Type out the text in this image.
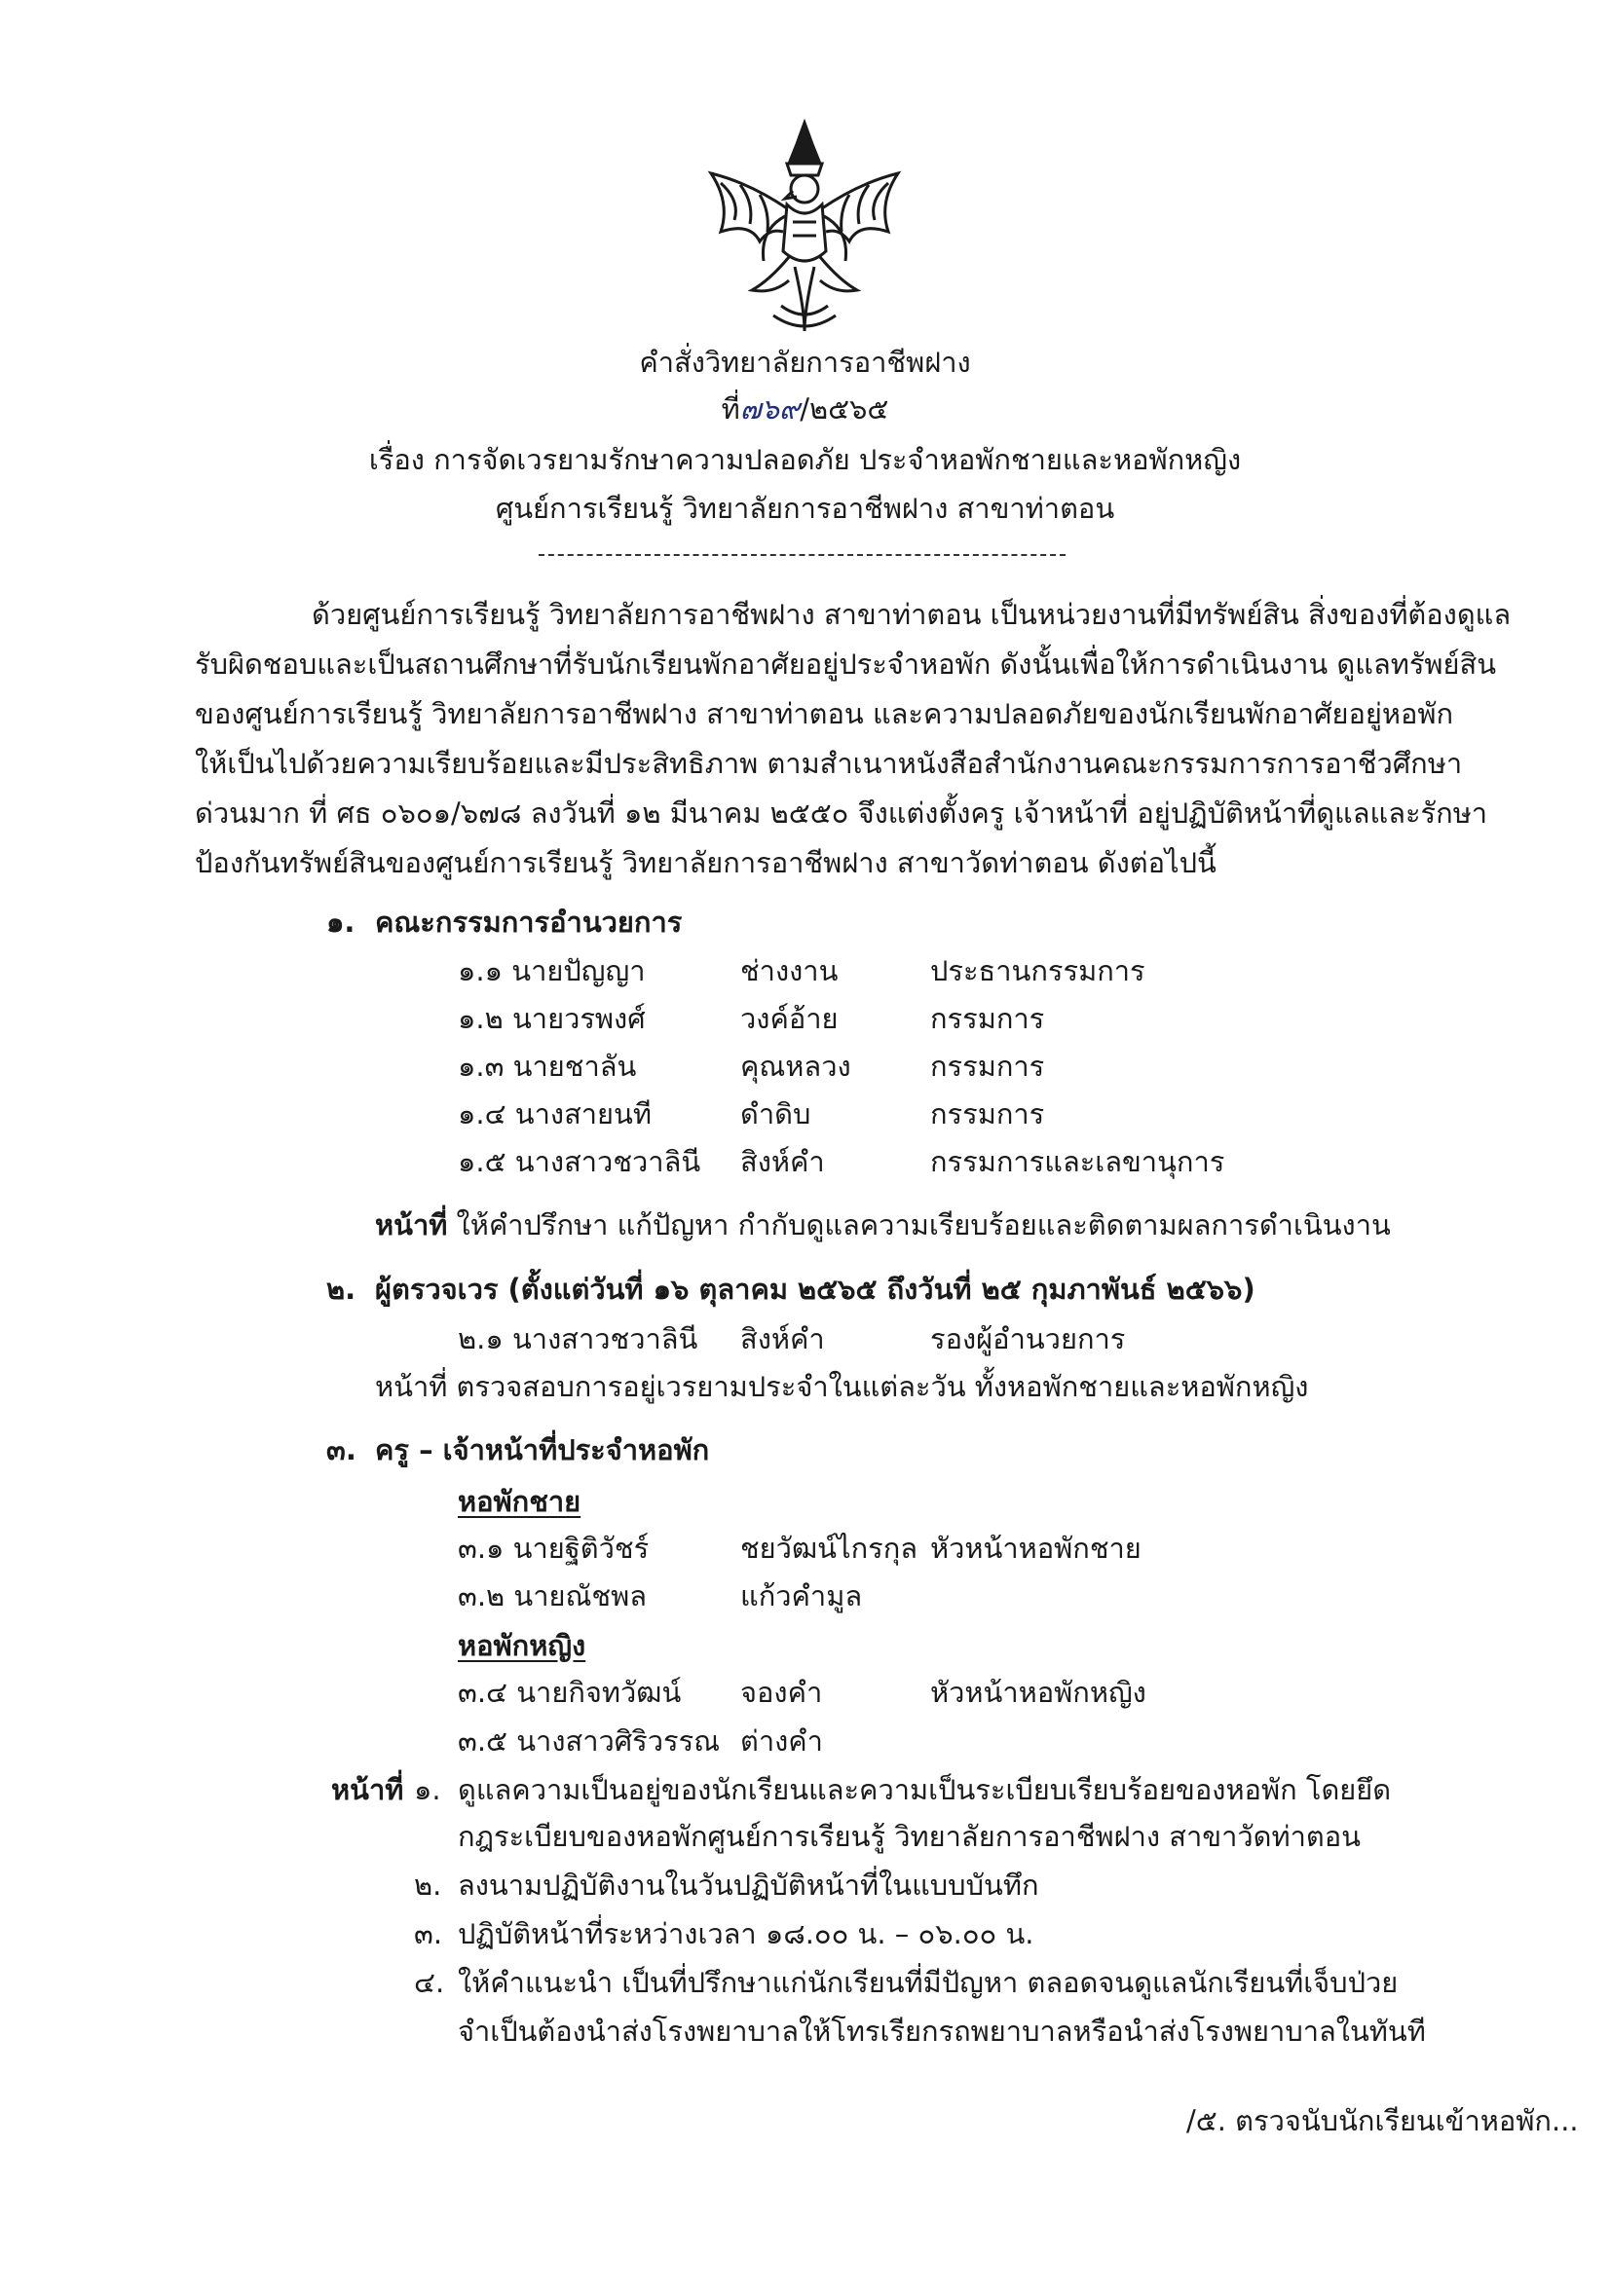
คำสั่งวิทยาลัยการอาชีพฝาง
ที่๗๖๙/๒๕๖๕
เรื่อง การจัดเวรยามรักษาความปลอดภัย ประจำหอพักชายและหอพักหญิง
ศูนย์การเรียนรู้ วิทยาลัยการอาชีพฝาง สาขาท่าตอน
ด้วยศูนย์การเรียนรู้ วิทยาลัยการอาชีพฝาง สาขาท่าตอน เป็นหน่วยงานที่มีทรัพย์สิน สิ่งของที่ต้องดูแล
รับผิดชอบและเป็นสถานศึกษาที่รับนักเรียนพักอาศัยอยู่ประจำหอพัก ดังนั้นเพื่อให้การดำเนินงาน ดูแลทรัพย์สิน
ของศูนย์การเรียนรู้ วิทยาลัยการอาชีพฝาง สาขาท่าตอน และความปลอดภัยของนักเรียนพักอาศัยอยู่หอพัก
ให้เป็นไปด้วยความเรียบร้อยและมีประสิทธิภาพ ตามสำเนาหนังสือสำนักงานคณะกรรมการการอาชีวศึกษา
ด่วนมาก ที่ ศธ ๐๖๐๑/๖๗๘ ลงวันที่ ๑๒ มีนาคม ๒๕๕๐ จึงแต่งตั้งครู เจ้าหน้าที่ อยู่ปฏิบัติหน้าที่ดูแลและรักษา
ป้องกันทรัพย์สินของศูนย์การเรียนรู้ วิทยาลัยการอาชีพฝาง สาขาวัดท่าตอน ดังต่อไปนี้
๑. คณะกรรมการอำนวยการ
๑.๑ นายปัญญา	ช่างงาน	ประธานกรรมการ
๑.๒ นายวรพงศ์	วงค์อ้าย	กรรมการ
๑.๓ นายชาลัน	คุณหลวง	กรรมการ
๑.๔ นางสายนที	ดำดิบ	กรรมการ
๑.๕ นางสาวชวาลินี สิงห์คำ	กรรมการและเลขานุการ
หน้าที่ ให้คำปรึกษา แก้ปัญหา กำกับดูแลความเรียบร้อยและติดตามผลการดำเนินงาน
๒. ผู้ตรวจเวร (ตั้งแต่วันที่ ๑๖ ตุลาคม ๒๕๖๕ ถึงวันที่ ๒๕ กุมภาพันธ์ ๒๕๖๖)
๒.๑ นางสาวชวาลินี สิงห์คำ	รองผู้อำนวยการ
หน้าที่ ตรวจสอบการอยู่เวรยามประจำในแต่ละวัน ทั้งหอพักชายและหอพักหญิง
๓. ครู – เจ้าหน้าที่ประจำหอพัก
หอพักชาย
๓.๑ นายฐิติวัชร์	ชยวัฒน์ไกรกุล หัวหน้าหอพักชาย
๓.๒ นายณัชพล	แก้วคำมูล
หอพักหญิง
๓.๔ นายกิจทวัฒน์ จองคำ	หัวหน้าหอพักหญิง
๓.๕ นางสาวศิริวรรณ ต่างคำ
หน้าที่ ๑. ดูแลความเป็นอยู่ของนักเรียนและความเป็นระเบียบเรียบร้อยของหอพัก โดยยึด
กฎระเบียบของหอพักศูนย์การเรียนรู้ วิทยาลัยการอาชีพฝาง สาขาวัดท่าตอน
๒. ลงนามปฏิบัติงานในวันปฏิบัติหน้าที่ในแบบบันทึก
๓. ปฏิบัติหน้าที่ระหว่างเวลา ๑๘.๐๐ น. – ๐๖.๐๐ น.
๔. ให้คำแนะนำ เป็นที่ปรึกษาแก่นักเรียนที่มีปัญหา ตลอดจนดูแลนักเรียนที่เจ็บป่วย
จำเป็นต้องนำส่งโรงพยาบาลให้โทรเรียกรถพยาบาลหรือนำส่งโรงพยาบาลในทันที
/๕. ตรวจนับนักเรียนเข้าหอพัก...
